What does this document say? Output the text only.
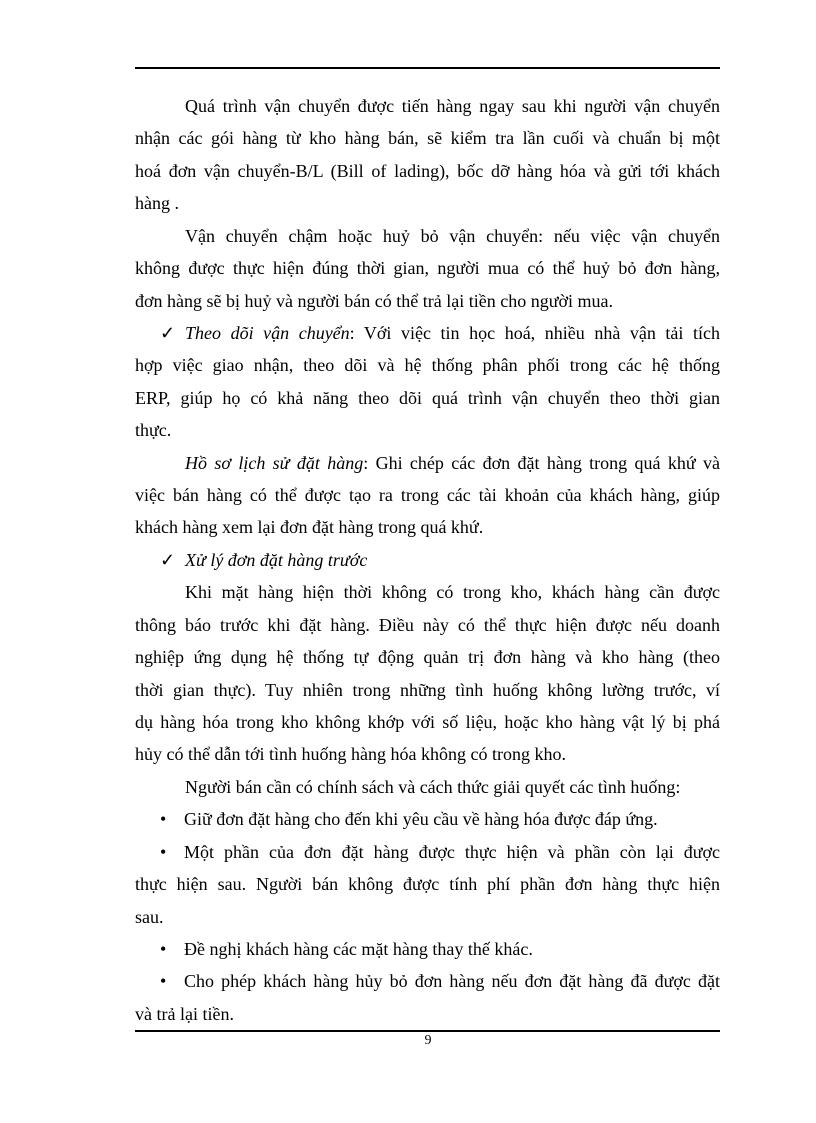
Quá trình vận chuyển được tiến hàng ngay sau khi người vận chuyển
nhận các gói hàng từ kho hàng bán, sẽ kiểm tra lần cuối và chuẩn bị một
hoá đơn vận chuyển-B/L (Bill of lading), bốc dỡ hàng hóa và gửi tới khách
hàng .
Vận chuyển chậm hoặc huỷ bỏ vận chuyển: nếu việc vận chuyển
không được thực hiện đúng thời gian, người mua có thể huỷ bỏ đơn hàng,
đơn hàng sẽ bị huỷ và người bán có thể trả lại tiền cho người mua.
✓ Theo dõi vận chuyển: Với việc tin học hoá, nhiều nhà vận tải tích
hợp việc giao nhận, theo dõi và hệ thống phân phối trong các hệ thống
ERP, giúp họ có khả năng theo dõi quá trình vận chuyển theo thời gian
thực.
Hồ sơ lịch sử đặt hàng: Ghi chép các đơn đặt hàng trong quá khứ và
việc bán hàng có thể được tạo ra trong các tài khoản của khách hàng, giúp
khách hàng xem lại đơn đặt hàng trong quá khứ.
✓ Xử lý đơn đặt hàng trước
Khi mặt hàng hiện thời không có trong kho, khách hàng cần được
thông báo trước khi đặt hàng. Điều này có thể thực hiện được nếu doanh
nghiệp ứng dụng hệ thống tự động quản trị đơn hàng và kho hàng (theo
thời gian thực). Tuy nhiên trong những tình huống không lường trước, ví
dụ hàng hóa trong kho không khớp với số liệu, hoặc kho hàng vật lý bị phá
hủy có thể dẫn tới tình huống hàng hóa không có trong kho.
Người bán cần có chính sách và cách thức giải quyết các tình huống:
• Giữ đơn đặt hàng cho đến khi yêu cầu về hàng hóa được đáp ứng.
• Một phần của đơn đặt hàng được thực hiện và phần còn lại được
thực hiện sau. Người bán không được tính phí phần đơn hàng thực hiện
sau.
• Đề nghị khách hàng các mặt hàng thay thế khác.
• Cho phép khách hàng hủy bỏ đơn hàng nếu đơn đặt hàng đã được đặt
và trả lại tiền.
9
